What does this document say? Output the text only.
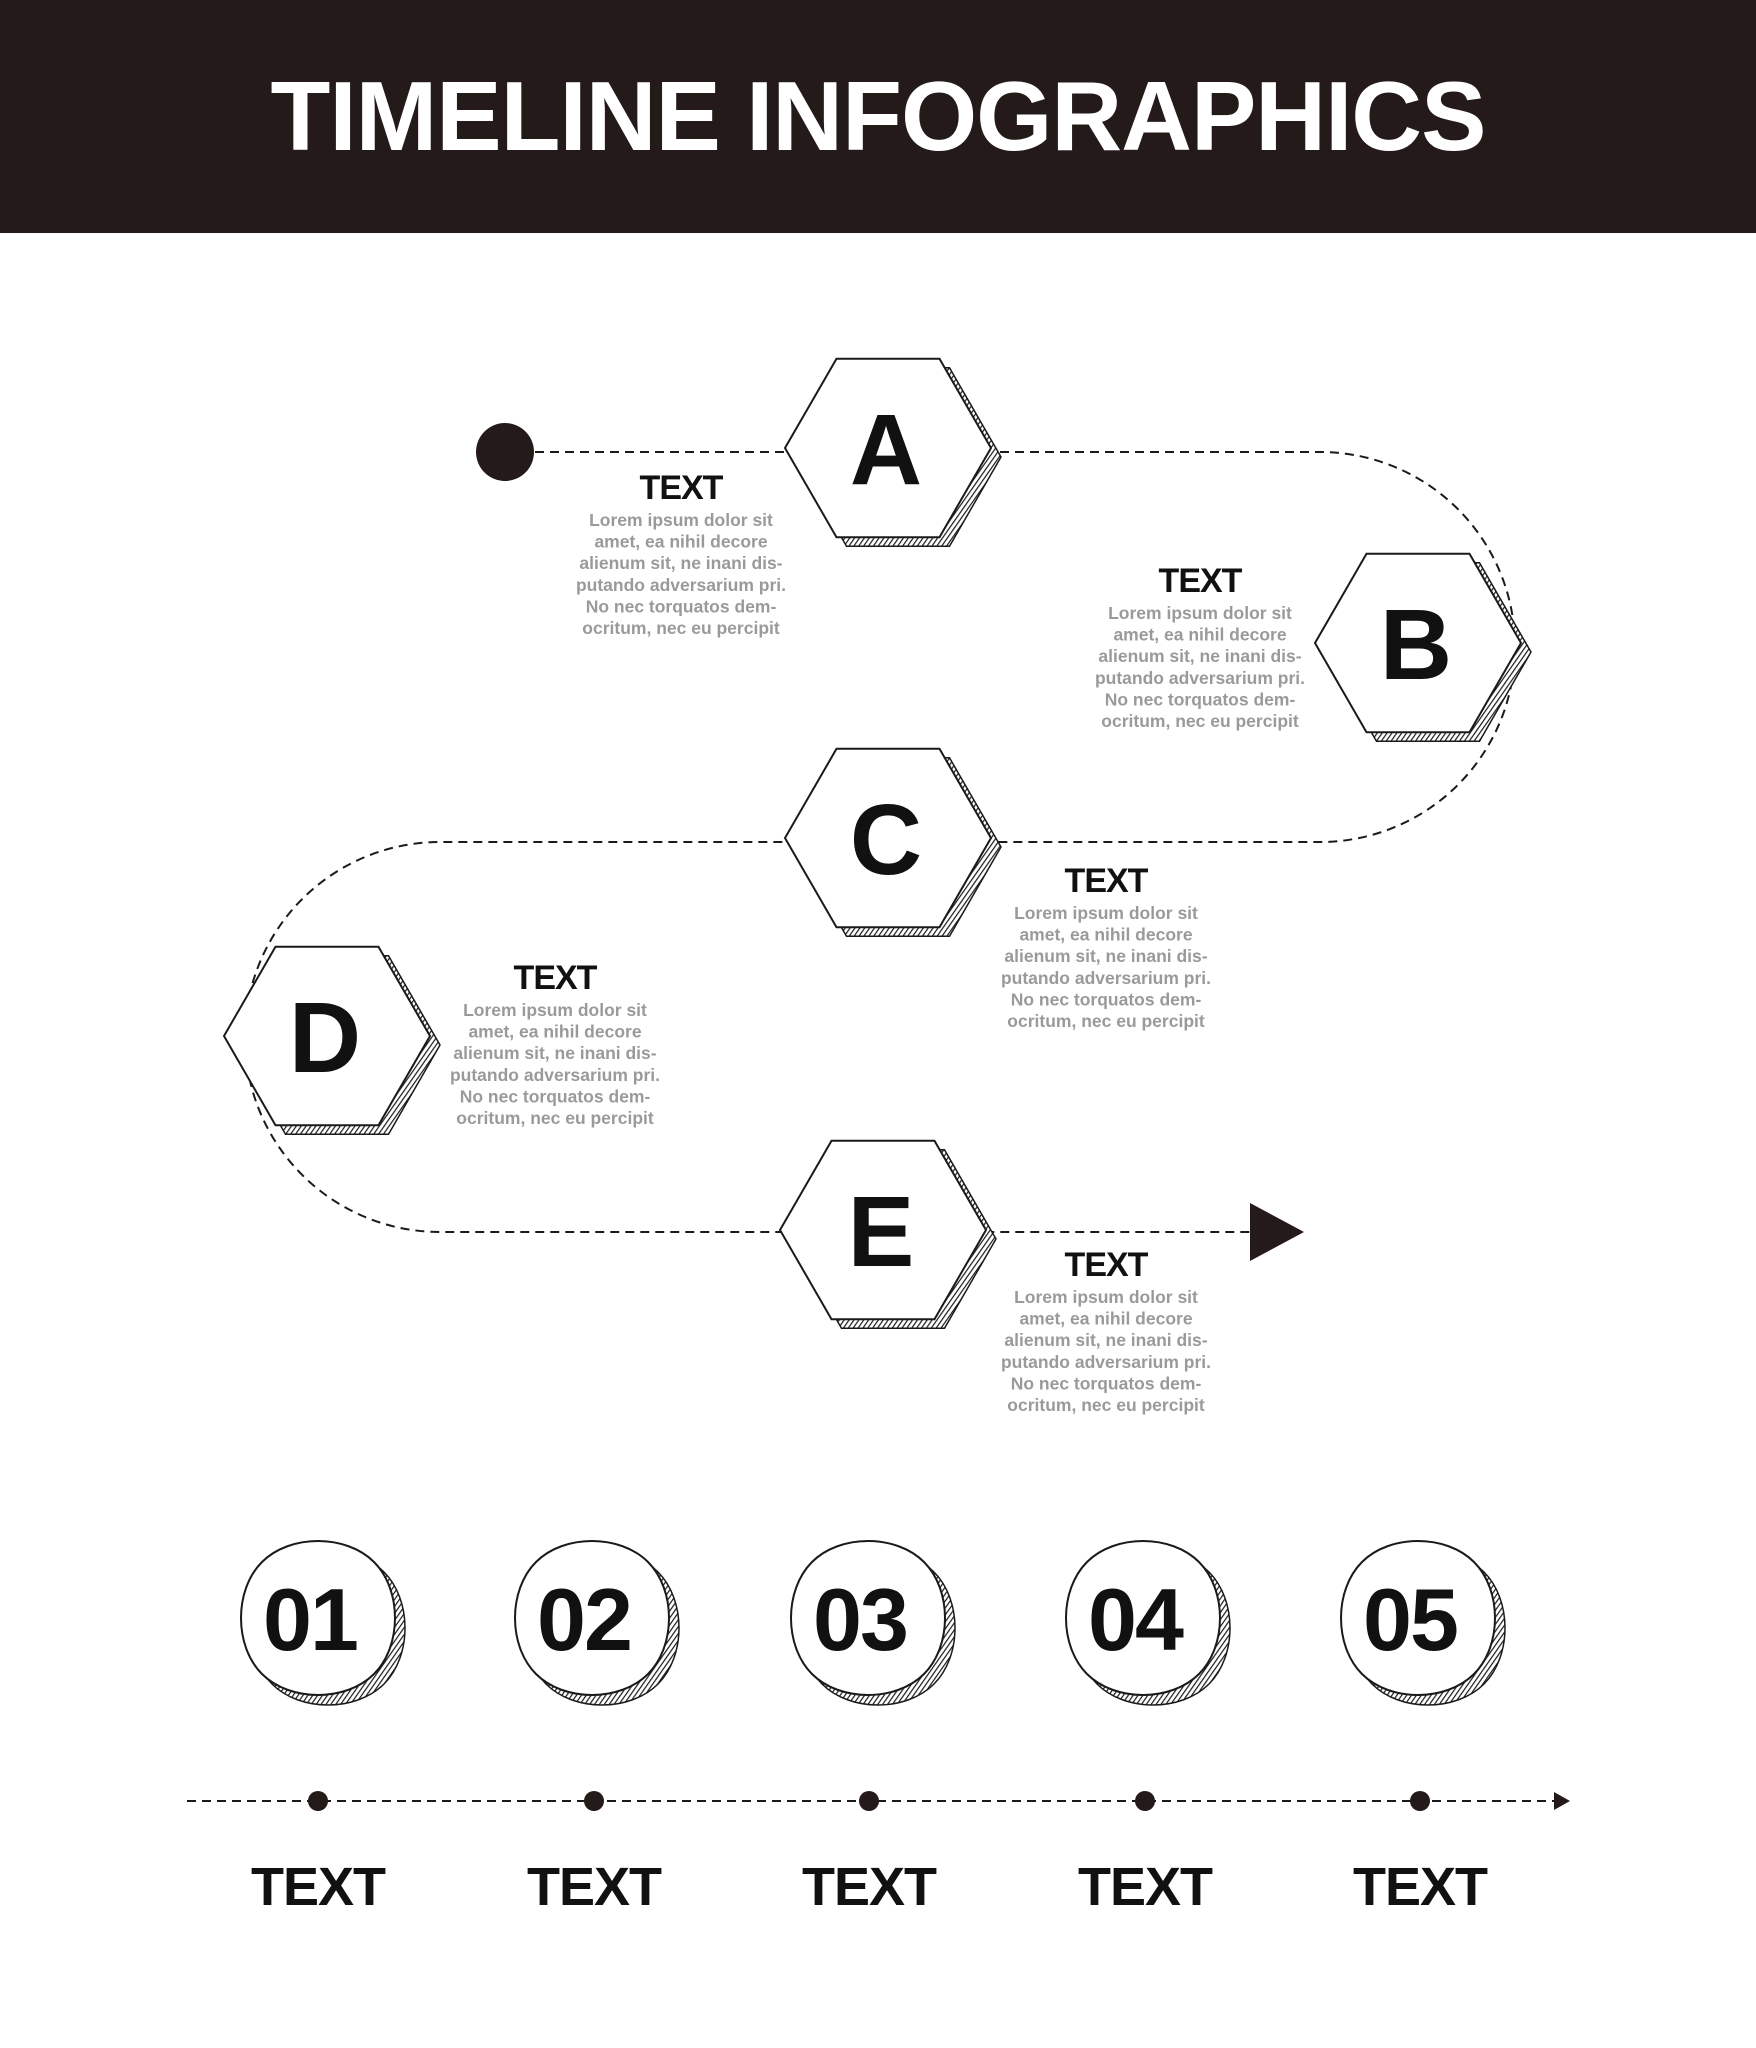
TIMELINE INFOGRAPHICS
A
B
C
D
E
TEXT
Lorem ipsum dolor sit
amet, ea nihil decore
alienum sit, ne inani dis-
putando adversarium pri.
No nec torquatos dem-
ocritum, nec eu percipit
TEXT
Lorem ipsum dolor sit
amet, ea nihil decore
alienum sit, ne inani dis-
putando adversarium pri.
No nec torquatos dem-
ocritum, nec eu percipit
TEXT
Lorem ipsum dolor sit
amet, ea nihil decore
alienum sit, ne inani dis-
putando adversarium pri.
No nec torquatos dem-
ocritum, nec eu percipit
TEXT
Lorem ipsum dolor sit
amet, ea nihil decore
alienum sit, ne inani dis-
putando adversarium pri.
No nec torquatos dem-
ocritum, nec eu percipit
TEXT
Lorem ipsum dolor sit
amet, ea nihil decore
alienum sit, ne inani dis-
putando adversarium pri.
No nec torquatos dem-
ocritum, nec eu percipit
01 02 03 04 05
TEXT	TEXT	TEXT	TEXT	TEXT
